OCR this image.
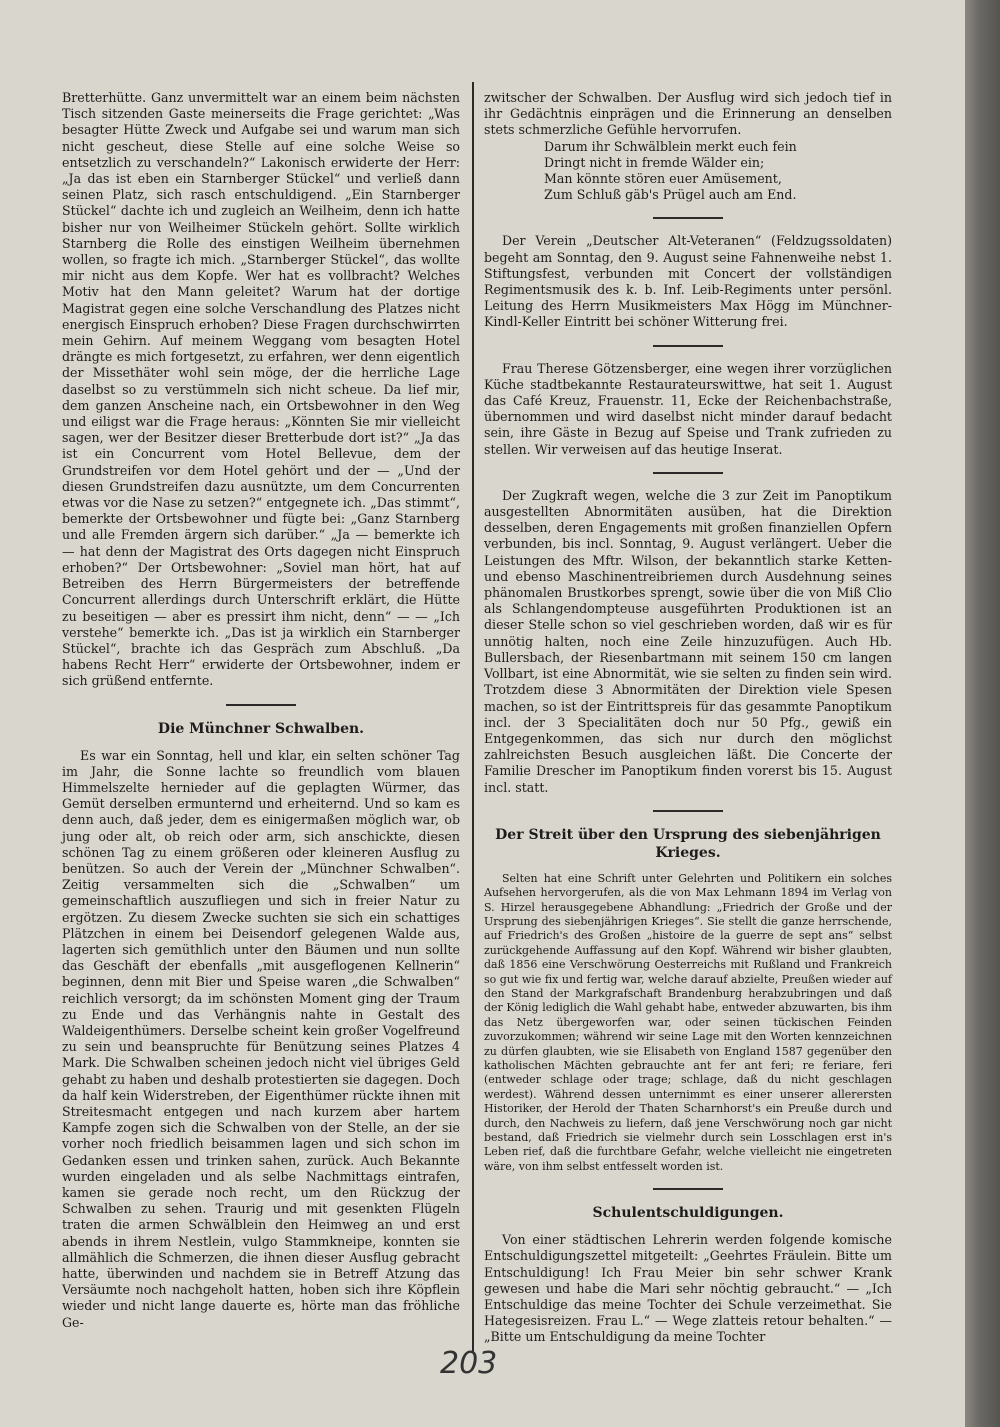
Bretterhütte. Ganz unvermittelt war an einem beim nächsten Tisch sitzenden Gaste meinerseits die Frage gerichtet: „Was besagter Hütte Zweck und Aufgabe sei und warum man sich nicht gescheut, diese Stelle auf eine solche Weise so entsetzlich zu verschandeln?“ Lakonisch erwiderte der Herr: „Ja das ist eben ein Starnberger Stückel“ und verließ dann seinen Platz, sich rasch entschuldigend. „Ein Starnberger Stückel“ dachte ich und zugleich an Weilheim, denn ich hatte bisher nur von Weilheimer Stückeln gehört. Sollte wirklich Starnberg die Rolle des einstigen Weilheim übernehmen wollen, so fragte ich mich. „Starnberger Stückel“, das wollte mir nicht aus dem Kopfe. Wer hat es vollbracht? Welches Motiv hat den Mann geleitet? Warum hat der dortige Magistrat gegen eine solche Verschandlung des Platzes nicht energisch Einspruch erhoben? Diese Fragen durchschwirrten mein Gehirn. Auf meinem Weggang vom besagten Hotel drängte es mich fortgesetzt, zu erfahren, wer denn eigentlich der Missethäter wohl sein möge, der die herrliche Lage daselbst so zu verstümmeln sich nicht scheue. Da lief mir, dem ganzen Anscheine nach, ein Ortsbewohner in den Weg und eiligst war die Frage heraus: „Könnten Sie mir vielleicht sagen, wer der Besitzer dieser Bretterbude dort ist?“ „Ja das ist ein Concurrent vom Hotel Bellevue, dem der Grundstreifen vor dem Hotel gehört und der — „Und der diesen Grundstreifen dazu ausnützte, um dem Concurrenten etwas vor die Nase zu setzen?“ entgegnete ich. „Das stimmt“, bemerkte der Ortsbewohner und fügte bei: „Ganz Starnberg und alle Fremden ärgern sich darüber.“ „Ja — bemerkte ich — hat denn der Magistrat des Orts dagegen nicht Einspruch erhoben?“ Der Ortsbewohner: „Soviel man hört, hat auf Betreiben des Herrn Bürgermeisters der betreffende Concurrent allerdings durch Unterschrift erklärt, die Hütte zu beseitigen — aber es pressirt ihm nicht, denn“ — — „Ich verstehe“ bemerkte ich. „Das ist ja wirklich ein Starnberger Stückel“, brachte ich das Gespräch zum Abschluß. „Da habens Recht Herr“ erwiderte der Ortsbewohner, indem er sich grüßend entfernte.

Die Münchner Schwalben.

Es war ein Sonntag, hell und klar, ein selten schöner Tag im Jahr, die Sonne lachte so freundlich vom blauen Himmelszelte hernieder auf die geplagten Würmer, das Gemüt derselben ermunternd und erheiternd. Und so kam es denn auch, daß jeder, dem es einigermaßen möglich war, ob jung oder alt, ob reich oder arm, sich anschickte, diesen schönen Tag zu einem größeren oder kleineren Ausflug zu benützen. So auch der Verein der „Münchner Schwalben“. Zeitig versammelten sich die „Schwalben“ um gemeinschaftlich auszufliegen und sich in freier Natur zu ergötzen. Zu diesem Zwecke suchten sie sich ein schattiges Plätzchen in einem bei Deisendorf gelegenen Walde aus, lagerten sich gemüthlich unter den Bäumen und nun sollte das Geschäft der ebenfalls „mit ausgeflogenen Kellnerin“ beginnen, denn mit Bier und Speise waren „die Schwalben“ reichlich versorgt; da im schönsten Moment ging der Traum zu Ende und das Verhängnis nahte in Gestalt des Waldeigenthümers. Derselbe scheint kein großer Vogelfreund zu sein und beanspruchte für Benützung seines Platzes 4 Mark. Die Schwalben scheinen jedoch nicht viel übriges Geld gehabt zu haben und deshalb protestierten sie dagegen. Doch da half kein Widerstreben, der Eigenthümer rückte ihnen mit Streitesmacht entgegen und nach kurzem aber hartem Kampfe zogen sich die Schwalben von der Stelle, an der sie vorher noch friedlich beisammen lagen und sich schon im Gedanken essen und trinken sahen, zurück. Auch Bekannte wurden eingeladen und als selbe Nachmittags eintrafen, kamen sie gerade noch recht, um den Rückzug der Schwalben zu sehen. Traurig und mit gesenkten Flügeln traten die armen Schwälblein den Heimweg an und erst abends in ihrem Nestlein, vulgo Stammkneipe, konnten sie allmählich die Schmerzen, die ihnen dieser Ausflug gebracht hatte, überwinden und nachdem sie in Betreff Atzung das Versäumte noch nachgeholt hatten, hoben sich ihre Köpflein wieder und nicht lange dauerte es, hörte man das fröhliche Ge-

zwitscher der Schwalben. Der Ausflug wird sich jedoch tief in ihr Gedächtnis einprägen und die Erinnerung an denselben stets schmerzliche Gefühle hervorrufen.

Darum ihr Schwälblein merkt euch fein

Dringt nicht in fremde Wälder ein;

Man könnte stören euer Amüsement,

Zum Schluß gäb's Prügel auch am End.

Der Verein „Deutscher Alt-Veteranen“ (Feldzugssoldaten) begeht am Sonntag, den 9. August seine Fahnenweihe nebst 1. Stiftungsfest, verbunden mit Concert der vollständigen Regimentsmusik des k. b. Inf. Leib-Regiments unter persönl. Leitung des Herrn Musikmeisters Max Högg im Münchner-Kindl-Keller Eintritt bei schöner Witterung frei.

Frau Therese Götzensberger, eine wegen ihrer vorzüglichen Küche stadtbekannte Restaurateurswittwe, hat seit 1. August das Café Kreuz, Frauenstr. 11, Ecke der Reichenbachstraße, übernommen und wird daselbst nicht minder darauf bedacht sein, ihre Gäste in Bezug auf Speise und Trank zufrieden zu stellen. Wir verweisen auf das heutige Inserat.

Der Zugkraft wegen, welche die 3 zur Zeit im Panoptikum ausgestellten Abnormitäten ausüben, hat die Direktion desselben, deren Engagements mit großen finanziellen Opfern verbunden, bis incl. Sonntag, 9. August verlängert. Ueber die Leistungen des Mftr. Wilson, der bekanntlich starke Ketten- und ebenso Maschinentreibriemen durch Ausdehnung seines phänomalen Brustkorbes sprengt, sowie über die von Miß Clio als Schlangendompteuse ausgeführten Produktionen ist an dieser Stelle schon so viel geschrieben worden, daß wir es für unnötig halten, noch eine Zeile hinzuzufügen. Auch Hb. Bullersbach, der Riesenbartmann mit seinem 150 cm langen Vollbart, ist eine Abnormität, wie sie selten zu finden sein wird. Trotzdem diese 3 Abnormitäten der Direktion viele Spesen machen, so ist der Eintrittspreis für das gesammte Panoptikum incl. der 3 Specialitäten doch nur 50 Pfg., gewiß ein Entgegenkommen, das sich nur durch den möglichst zahlreichsten Besuch ausgleichen läßt. Die Concerte der Familie Drescher im Panoptikum finden vorerst bis 15. August incl. statt.

Der Streit über den Ursprung des siebenjährigen Krieges.

Selten hat eine Schrift unter Gelehrten und Politikern ein solches Aufsehen hervorgerufen, als die von Max Lehmann 1894 im Verlag von S. Hirzel herausgegebene Abhandlung: „Friedrich der Große und der Ursprung des siebenjährigen Krieges“. Sie stellt die ganze herrschende, auf Friedrich's des Großen „histoire de la guerre de sept ans“ selbst zurückgehende Auffassung auf den Kopf. Während wir bisher glaubten, daß 1856 eine Verschwörung Oesterreichs mit Rußland und Frankreich so gut wie fix und fertig war, welche darauf abzielte, Preußen wieder auf den Stand der Markgrafschaft Brandenburg herabzubringen und daß der König lediglich die Wahl gehabt habe, entweder abzuwarten, bis ihm das Netz übergeworfen war, oder seinen tückischen Feinden zuvorzukommen; während wir seine Lage mit den Worten kennzeichnen zu dürfen glaubten, wie sie Elisabeth von England 1587 gegenüber den katholischen Mächten gebrauchte ant fer ant feri; re feriare, feri (entweder schlage oder trage; schlage, daß du nicht geschlagen werdest). Während dessen unternimmt es einer unserer allerersten Historiker, der Herold der Thaten Scharnhorst's ein Preuße durch und durch, den Nachweis zu liefern, daß jene Verschwörung noch gar nicht bestand, daß Friedrich sie vielmehr durch sein Losschlagen erst in's Leben rief, daß die furchtbare Gefahr, welche vielleicht nie eingetreten wäre, von ihm selbst entfesselt worden ist.

Schulentschuldigungen.

Von einer städtischen Lehrerin werden folgende komische Entschuldigungszettel mitgeteilt: „Geehrtes Fräulein. Bitte um Entschuldigung! Ich Frau Meier bin sehr schwer Krank gewesen und habe die Mari sehr nöchtig gebraucht.“ — „Ich Entschuldige das meine Tochter dei Schule verzeimethat. Sie Hategesisreizen. Frau L.“ — Wege zlatteis retour behalten.“ — „Bitte um Entschuldigung da meine Tochter

203
